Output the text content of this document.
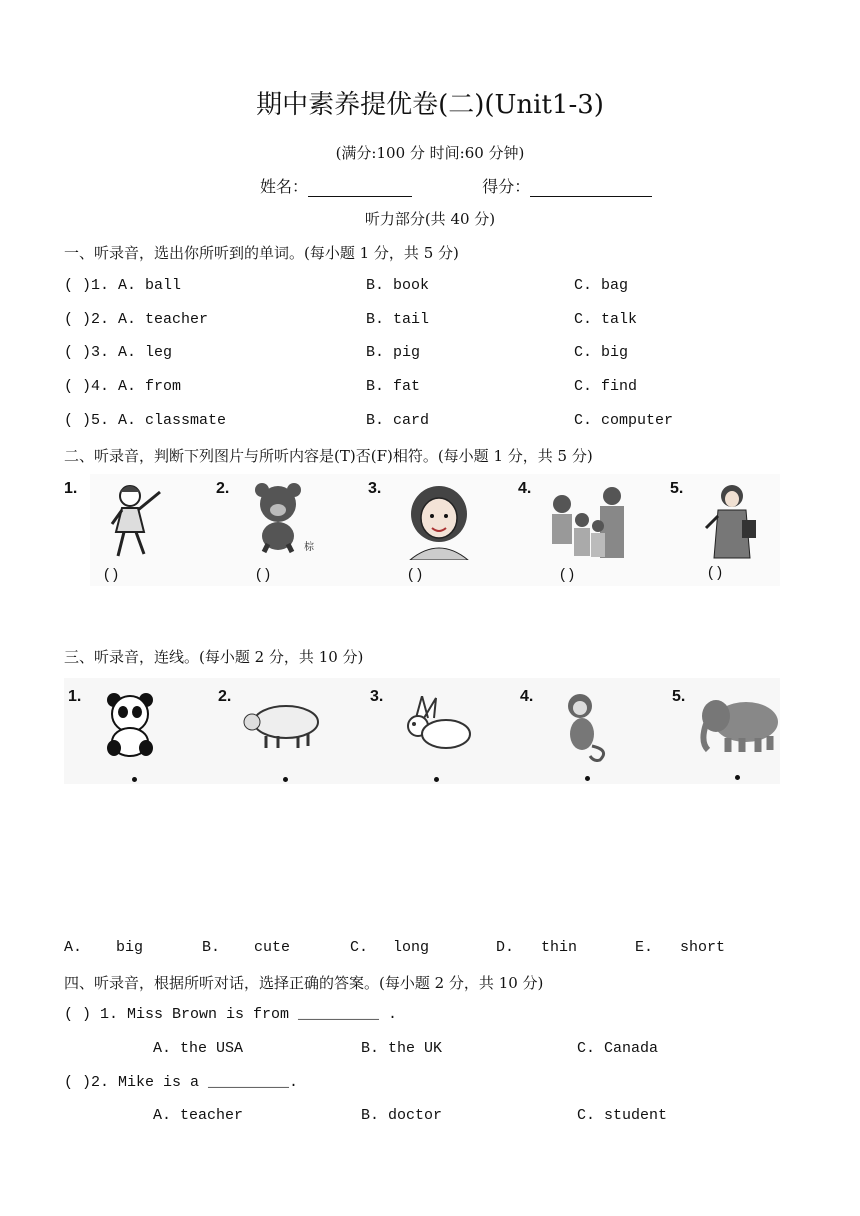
期中素养提优卷(二)(Unit1-3)
(满分:100 分 时间:60 分钟)
姓名：	得分：
听力部分(共 40 分)
一、听录音，选出你所听到的单词。(每小题 1 分，共 5 分)
( )1. A. ball	B. book	C. bag
( )2. A. teacher	B. tail	C. talk
( )3. A. leg	B. pig	C. big
( )4. A. from	B. fat	C. find
( )5. A. classmate	B. card	C. computer
二、听录音，判断下列图片与所听内容是(T)否(F)相符。(每小题 1 分，共 5 分)
1.	2.	3.	4.	5.
棕
( )	( )	( )	( )	( )
三、听录音，连线。(每小题 2 分，共 10 分)
1.	2.	3.	4.	5.
A. big	B. cute	C. long	D. thin	E. short
四、听录音，根据所听对话，选择正确的答案。(每小题 2 分，共 10 分)
( ) 1. Miss Brown is from _________ .
A. the USA	B. the UK	C. Canada
( )2. Mike is a _________.
A. teacher	B. doctor	C. student
